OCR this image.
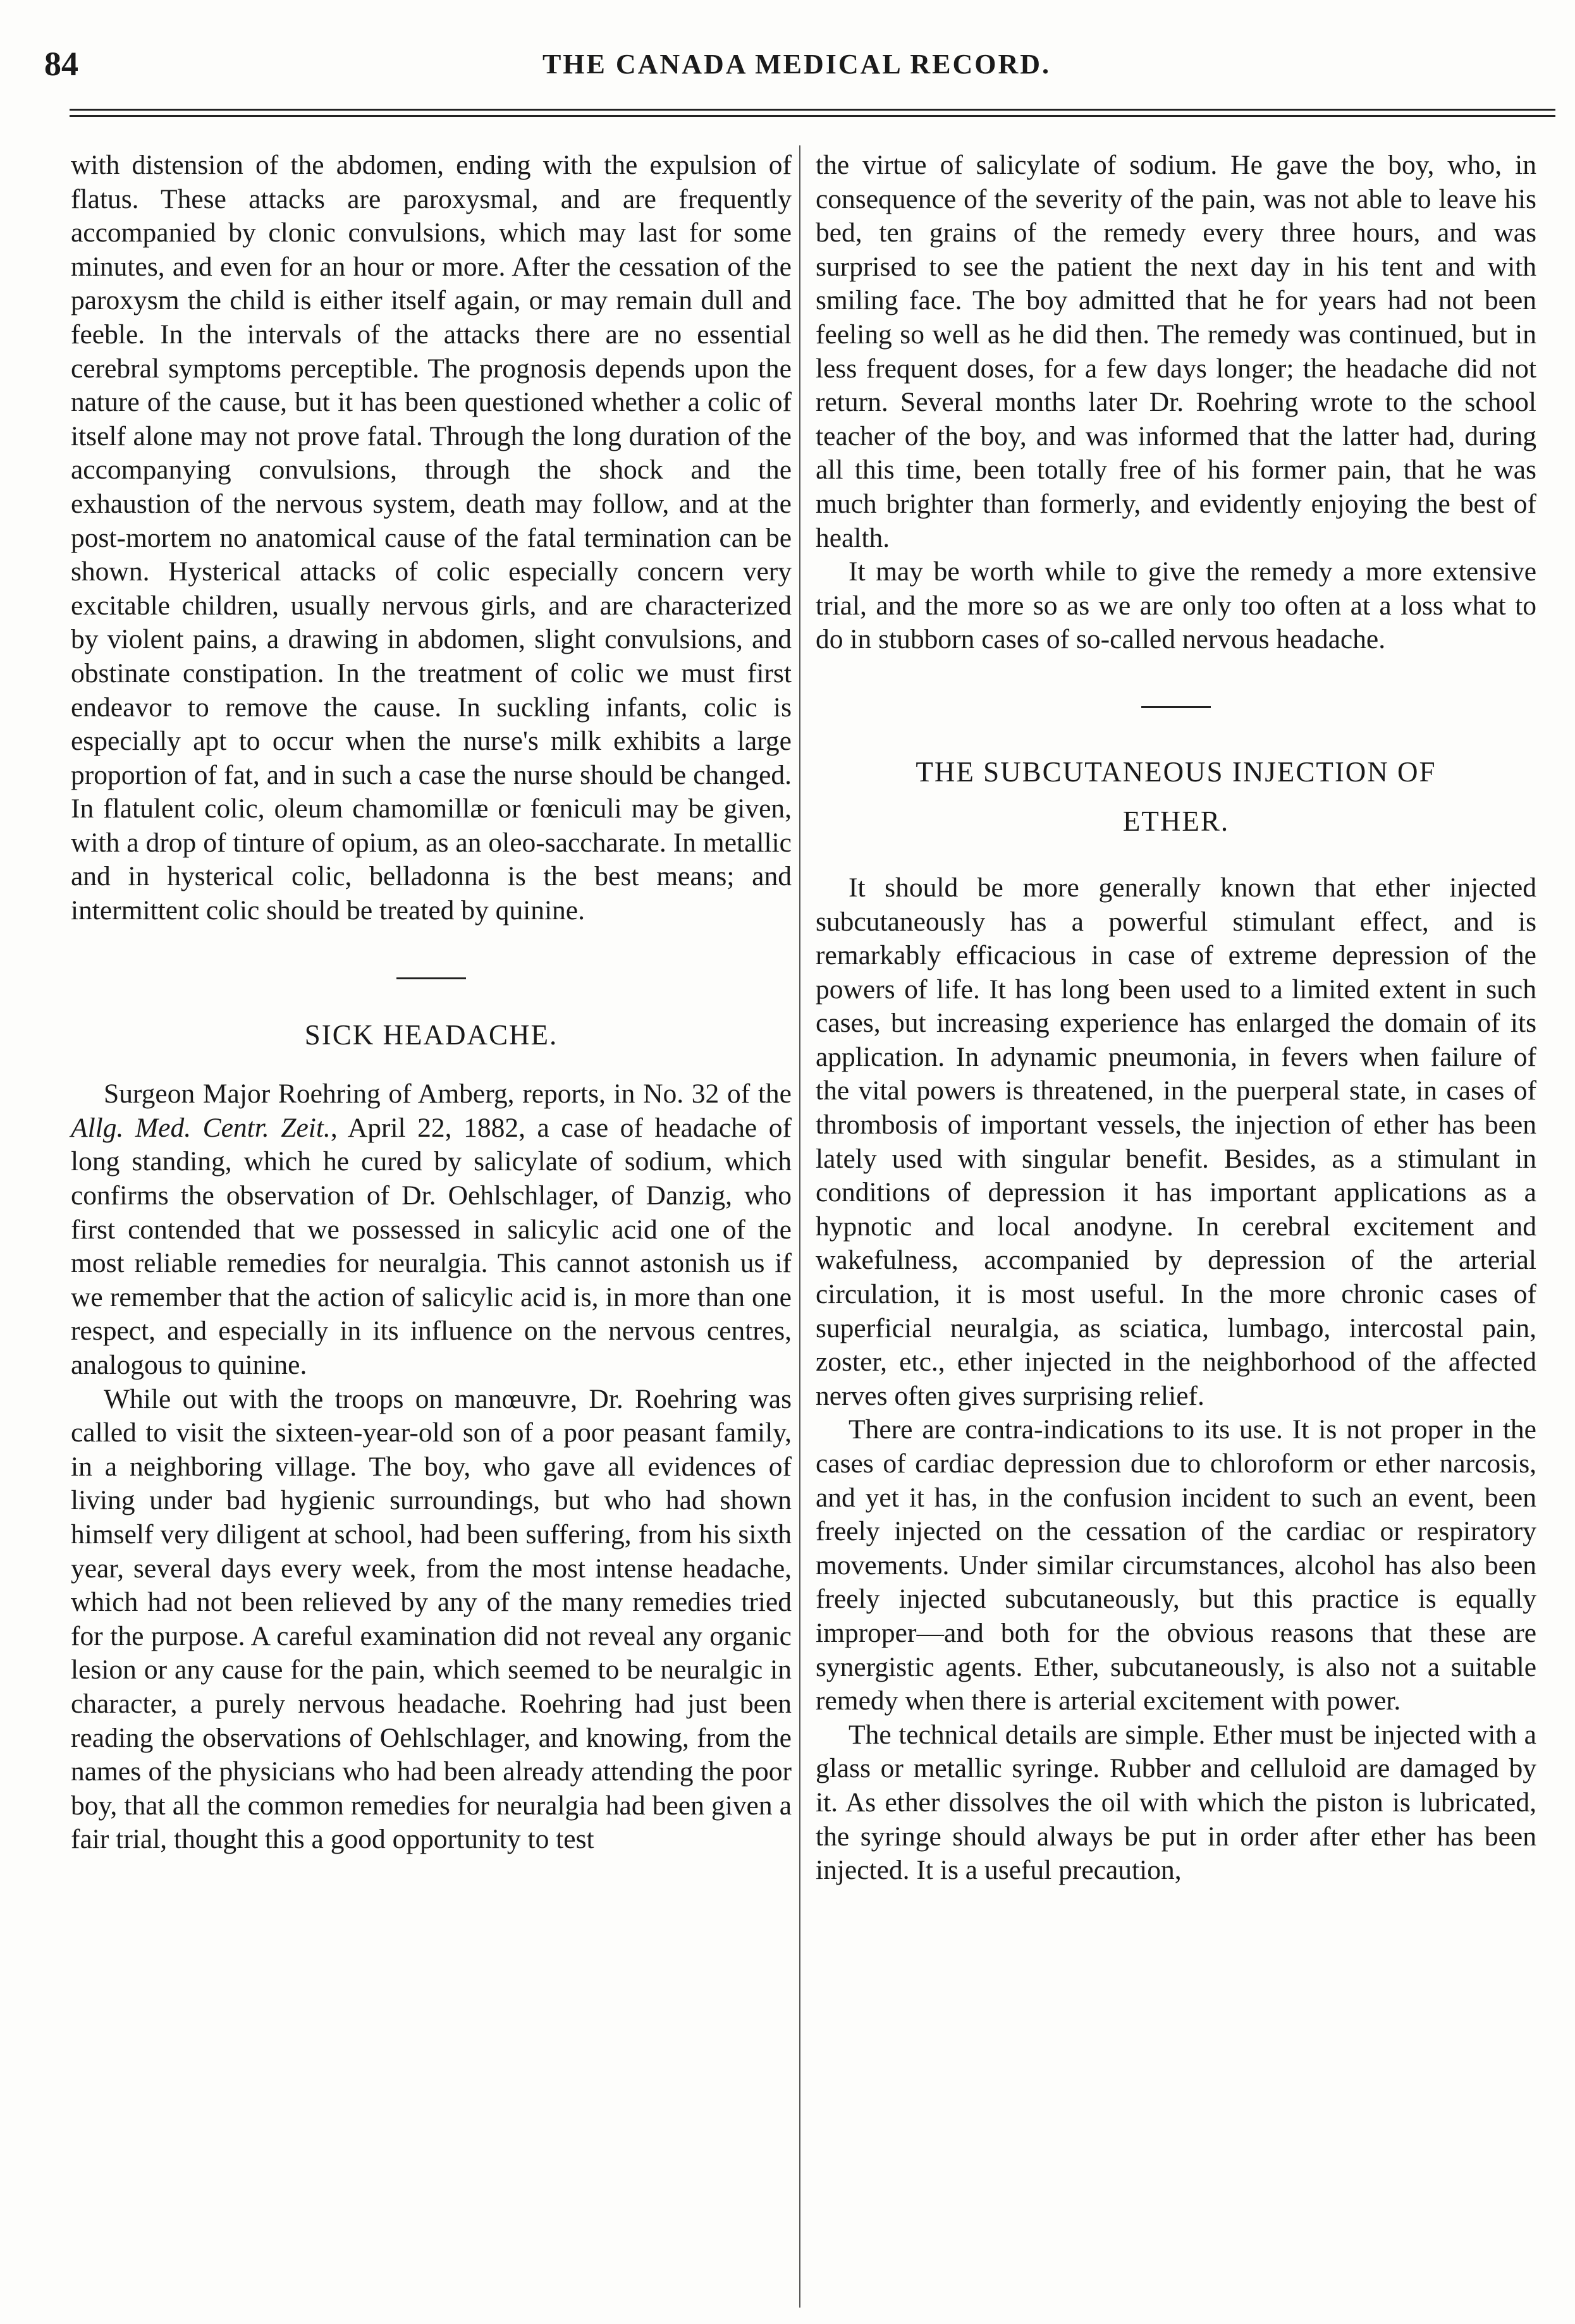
84	THE CANADA MEDICAL RECORD.

with distension of the abdomen, ending with the expulsion of flatus. These attacks are paroxysmal, and are frequently accompanied by clonic convulsions, which may last for some minutes, and even for an hour or more. After the cessation of the paroxysm the child is either itself again, or may remain dull and feeble. In the intervals of the attacks there are no essential cerebral symptoms perceptible. The prognosis depends upon the nature of the cause, but it has been questioned whether a colic of itself alone may not prove fatal. Through the long duration of the accompanying convulsions, through the shock and the exhaustion of the nervous system, death may follow, and at the post-mortem no anatomical cause of the fatal termination can be shown. Hysterical attacks of colic especially concern very excitable children, usually nervous girls, and are characterized by violent pains, a drawing in abdomen, slight convulsions, and obstinate constipation. In the treatment of colic we must first endeavor to remove the cause. In suckling infants, colic is especially apt to occur when the nurse's milk exhibits a large proportion of fat, and in such a case the nurse should be changed. In flatulent colic, oleum chamomillæ or fœniculi may be given, with a drop of tinture of opium, as an oleo-saccharate. In metallic and in hysterical colic, belladonna is the best means; and intermittent colic should be treated by quinine.

SICK HEADACHE.

Surgeon Major Roehring of Amberg, reports, in No. 32 of the Allg. Med. Centr. Zeit., April 22, 1882, a case of headache of long standing, which he cured by salicylate of sodium, which confirms the observation of Dr. Oehlschlager, of Danzig, who first contended that we possessed in salicylic acid one of the most reliable remedies for neuralgia. This cannot astonish us if we remember that the action of salicylic acid is, in more than one respect, and especially in its influence on the nervous centres, analogous to quinine.

While out with the troops on manœuvre, Dr. Roehring was called to visit the sixteen-year-old son of a poor peasant family, in a neighboring village. The boy, who gave all evidences of living under bad hygienic surroundings, but who had shown himself very diligent at school, had been suffering, from his sixth year, several days every week, from the most intense headache, which had not been relieved by any of the many remedies tried for the purpose. A careful examination did not reveal any organic lesion or any cause for the pain, which seemed to be neuralgic in character, a purely nervous headache. Roehring had just been reading the observations of Oehlschlager, and knowing, from the names of the physicians who had been already attending the poor boy, that all the common remedies for neuralgia had been given a fair trial, thought this a good opportunity to test

the virtue of salicylate of sodium. He gave the boy, who, in consequence of the severity of the pain, was not able to leave his bed, ten grains of the remedy every three hours, and was surprised to see the patient the next day in his tent and with smiling face. The boy admitted that he for years had not been feeling so well as he did then. The remedy was continued, but in less frequent doses, for a few days longer; the headache did not return. Several months later Dr. Roehring wrote to the school teacher of the boy, and was informed that the latter had, during all this time, been totally free of his former pain, that he was much brighter than formerly, and evidently enjoying the best of health.

It may be worth while to give the remedy a more extensive trial, and the more so as we are only too often at a loss what to do in stubborn cases of so-called nervous headache.

THE SUBCUTANEOUS INJECTION OF
ETHER.

It should be more generally known that ether injected subcutaneously has a powerful stimulant effect, and is remarkably efficacious in case of extreme depression of the powers of life. It has long been used to a limited extent in such cases, but increasing experience has enlarged the domain of its application. In adynamic pneumonia, in fevers when failure of the vital powers is threatened, in the puerperal state, in cases of thrombosis of important vessels, the injection of ether has been lately used with singular benefit. Besides, as a stimulant in conditions of depression it has important applications as a hypnotic and local anodyne. In cerebral excitement and wakefulness, accompanied by depression of the arterial circulation, it is most useful. In the more chronic cases of superficial neuralgia, as sciatica, lumbago, intercostal pain, zoster, etc., ether injected in the neighborhood of the affected nerves often gives surprising relief.

There are contra-indications to its use. It is not proper in the cases of cardiac depression due to chloroform or ether narcosis, and yet it has, in the confusion incident to such an event, been freely injected on the cessation of the cardiac or respiratory movements. Under similar circumstances, alcohol has also been freely injected subcutaneously, but this practice is equally improper—and both for the obvious reasons that these are synergistic agents. Ether, subcutaneously, is also not a suitable remedy when there is arterial excitement with power.

The technical details are simple. Ether must be injected with a glass or metallic syringe. Rubber and celluloid are damaged by it. As ether dissolves the oil with which the piston is lubricated, the syringe should always be put in order after ether has been injected. It is a useful precaution,
